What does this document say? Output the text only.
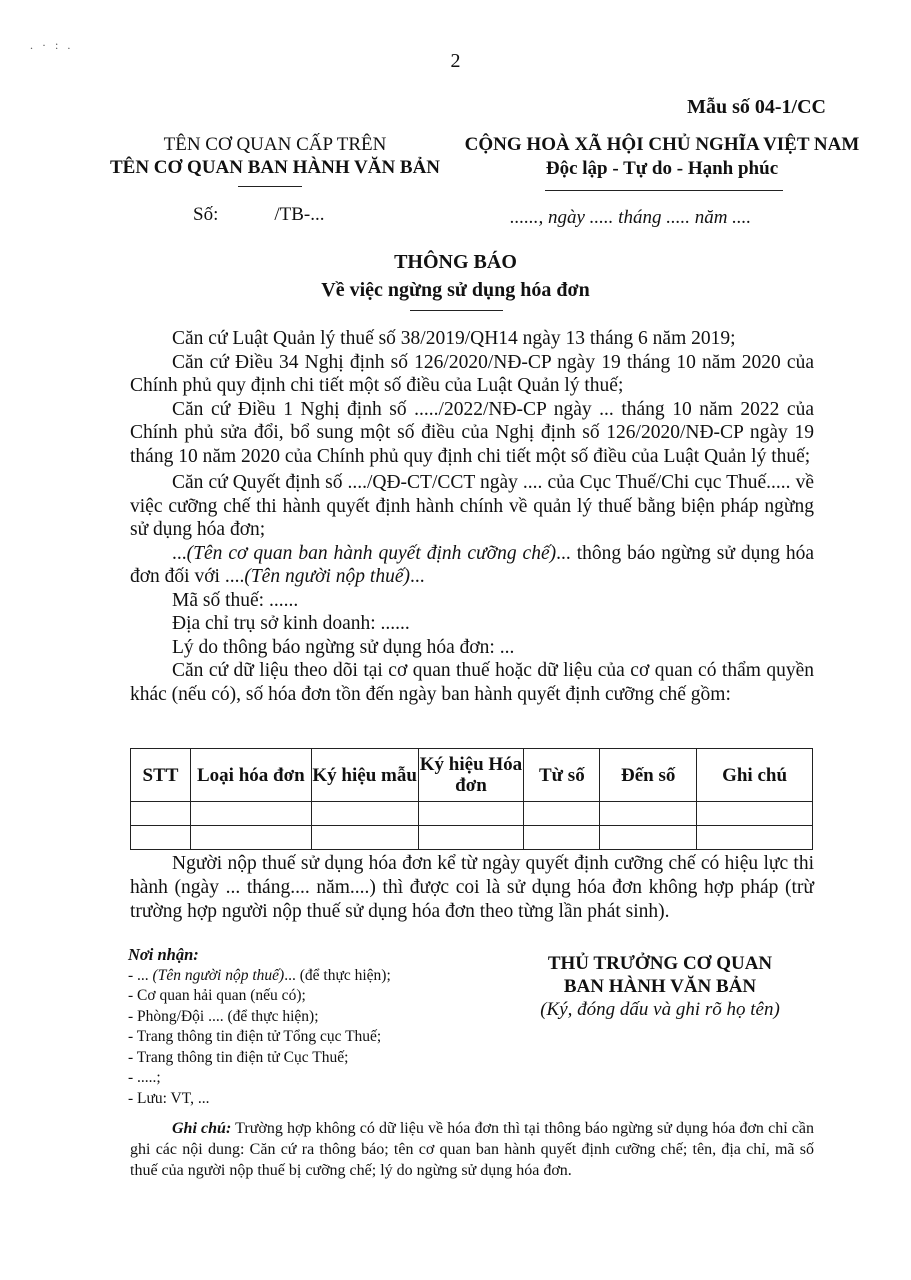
. · : .
2
Mẫu số 04-1/CC
TÊN CƠ QUAN CẤP TRÊN
TÊN CƠ QUAN BAN HÀNH VĂN BẢN
CỘNG HOÀ XÃ HỘI CHỦ NGHĨA VIỆT NAM
Độc lập - Tự do - Hạnh phúc
Số:	/TB-...	......, ngày ..... tháng ..... năm ....
THÔNG BÁO
Về việc ngừng sử dụng hóa đơn

Căn cứ Luật Quản lý thuế số 38/2019/QH14 ngày 13 tháng 6 năm 2019;

Căn cứ Điều 34 Nghị định số 126/2020/NĐ-CP ngày 19 tháng 10 năm 2020 của Chính phủ quy định chi tiết một số điều của Luật Quản lý thuế;

Căn cứ Điều 1 Nghị định số ...../2022/NĐ-CP ngày ... tháng 10 năm 2022 của Chính phủ sửa đổi, bổ sung một số điều của Nghị định số 126/2020/NĐ-CP ngày 19 tháng 10 năm 2020 của Chính phủ quy định chi tiết một số điều của Luật Quản lý thuế;

Căn cứ Quyết định số ..../QĐ-CT/CCT ngày .... của Cục Thuế/Chi cục Thuế..... về việc cưỡng chế thi hành quyết định hành chính về quản lý thuế bằng biện pháp ngừng sử dụng hóa đơn;

...(Tên cơ quan ban hành quyết định cưỡng chế)... thông báo ngừng sử dụng hóa đơn đối với ....(Tên người nộp thuế)...

Mã số thuế: ......

Địa chỉ trụ sở kinh doanh: ......

Lý do thông báo ngừng sử dụng hóa đơn: ...

Căn cứ dữ liệu theo dõi tại cơ quan thuế hoặc dữ liệu của cơ quan có thẩm quyền khác (nếu có), số hóa đơn tồn đến ngày ban hành quyết định cưỡng chế gồm:

STT	Loại hóa đơn	Ký hiệu mẫu	Ký hiệu Hóa đơn	Từ số	Đến số	Ghi chú

Người nộp thuế sử dụng hóa đơn kể từ ngày quyết định cưỡng chế có hiệu lực thi hành (ngày ... tháng.... năm....) thì được coi là sử dụng hóa đơn không hợp pháp (trừ trường hợp người nộp thuế sử dụng hóa đơn theo từng lần phát sinh).

Nơi nhận:
- ... (Tên người nộp thuế)... (để thực hiện);
- Cơ quan hải quan (nếu có);
- Phòng/Đội .... (để thực hiện);
- Trang thông tin điện tử Tổng cục Thuế;
- Trang thông tin điện tử Cục Thuế;
- .....;
- Lưu: VT, ...
THỦ TRƯỞNG CƠ QUAN
BAN HÀNH VĂN BẢN
(Ký, đóng dấu và ghi rõ họ tên)

Ghi chú: Trường hợp không có dữ liệu về hóa đơn thì tại thông báo ngừng sử dụng hóa đơn chỉ cần ghi các nội dung: Căn cứ ra thông báo; tên cơ quan ban hành quyết định cưỡng chế; tên, địa chỉ, mã số thuế của người nộp thuế bị cưỡng chế; lý do ngừng sử dụng hóa đơn.
